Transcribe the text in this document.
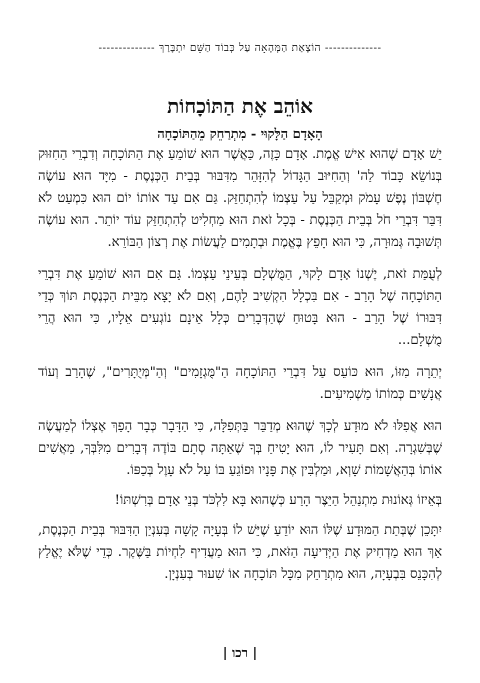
-------------- הוֹצָאַת הַמְּהָאָה עַל כְּבוֹד הַשֵּׁם יִתְבָּרַךְ --------------
אוֹהֵב אֶת הַתּוֹכָחוֹת
הָאָדָם הַלָּקוּי - מִתְרַחֵק מֵהַתּוֹכָחָה

יֵשׁ אָדָם שֶׁהוּא אִישׁ אֱמֶת. אָדָם כָּזֶה, כַּאֲשֶׁר הוּא שׁוֹמֵעַ אֶת הַתּוֹכָחָה וְדִבְרֵי הַחִזּוּק בְּנוֹשֵׂא כָּבוֹד לַה' וְהַחִיּוּב הַגָּדוֹל לְהִזָּהֵר מִדִּבּוּר בְּבֵית הַכְּנֶסֶת - מִיָּד הוּא עוֹשֶׂה חֶשְׁבּוֹן נֶפֶשׁ עָמֹק וּמְקַבֵּל עַל עַצְמוֹ לְהִתְחַזֵּק. גַּם אִם עַד אוֹתוֹ יוֹם הוּא כִּמְעַט לֹא דִּבֵּר דִּבְרֵי חֹל בְּבֵית הַכְּנֶסֶת - בְּכָל זֹאת הוּא מַחְלִיט לְהִתְחַזֵּק עוֹד יוֹתֵר. הוּא עוֹשֶׂה תְּשׁוּבָה גְּמוּרָה, כִּי הוּא חָפֵץ בֶּאֱמֶת וּבְתָמִים לַעֲשׂוֹת אֶת רְצוֹן הַבּוֹרֵא.

לְעֻמַּת זֹאת, יֶשְׁנוֹ אָדָם לָקוּי, הַמֻּשְׁלָם בְּעֵינֵי עַצְמוֹ. גַּם אִם הוּא שׁוֹמֵעַ אֶת דִּבְרֵי הַתּוֹכָחָה שֶׁל הָרַב - אִם בִּכְלָל הִקְשִׁיב לָהֶם, וְאִם לֹא יָצָא מִבֵּית הַכְּנֶסֶת תּוֹךְ כְּדֵי דִּבּוּרוֹ שֶׁל הָרַב - הוּא בָּטוּחַ שֶׁהַדְּבָרִים כְּלָל אֵינָם נוֹגְעִים אֵלָיו, כִּי הוּא הֲרֵי מֻשְׁלָם...

יְתֵרָה מִזּוֹ, הוּא כּוֹעֵס עַל דִּבְרֵי הַתּוֹכָחָה הַ"מֻּגְזָמִים" וְהַ"מְּיֻתָּרִים", שֶׁהָרַב וְעוֹד אֲנָשִׁים כְּמוֹתוֹ מַשְׁמִיעִים.

הוּא אֲפִלּוּ לֹא מוּדָע לְכָךְ שֶׁהוּא מְדַבֵּר בַּתְּפִלָּה, כִּי הַדָּבָר כְּבָר הָפַךְ אֶצְלוֹ לְמַעֲשֶׂה שֶׁבְּשִׁגְרָה. וְאִם תָּעִיר לוֹ, הוּא יָטִיחַ בְּךָ שֶׁאַתָּה סְתָם בּוֹדֶה דְּבָרִים מִלִּבְּךָ, מַאֲשִׁים אוֹתוֹ בְּהַאֲשָׁמוֹת שָׁוְא, וּמַלְבִּין אֶת פָּנָיו וּפוֹגֵעַ בּוֹ עַל לֹא עָוֶל בְּכַפּוֹ.

בְּאֵיזוֹ גְּאוֹנוּת מִתְנַהֵל הַיֵּצֶר הָרַע כְּשֶׁהוּא בָּא לִלְכֹּד בְּנֵי אָדָם בְּרִשְׁתּוֹ!

יִתָּכֵן שֶׁבְּתַת הַמּוּדָע שֶׁלּוֹ הוּא יוֹדֵעַ שֶׁיֵּשׁ לוֹ בְּעָיָה קָשָׁה בְּעִנְיַן הַדִּבּוּר בְּבֵית הַכְּנֶסֶת, אַךְ הוּא מַדְחִיק אֶת הַיְּדִיעָה הַזֹּאת, כִּי הוּא מַעֲדִיף לִחְיוֹת בַּשֶּׁקֶר. כְּדֵי שֶׁלֹּא יֶאֱלַץ לְהִכָּנֵס בִּבְעָיָה, הוּא מִתְרַחֵק מִכָּל תּוֹכָחָה אוֹ שִׁעוּר בְּעִנְיָן.

| רכו |
